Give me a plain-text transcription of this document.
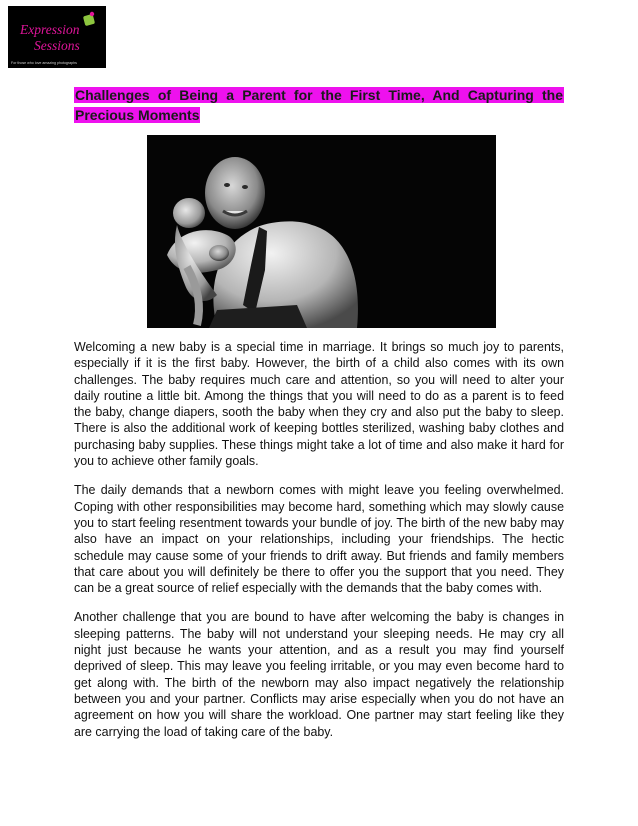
Expression
Sessions
For those who love amazing photographs
Challenges of Being a Parent for the First Time, And Capturing the Precious Moments

Welcoming a new baby is a special time in marriage. It brings so much joy to parents, especially if it is the first baby. However, the birth of a child also comes with its own challenges. The baby requires much care and attention, so you will need to alter your daily routine a little bit. Among the things that you will need to do as a parent is to feed the baby, change diapers, sooth the baby when they cry and also put the baby to sleep. There is also the additional work of keeping bottles sterilized, washing baby clothes and purchasing baby supplies. These things might take a lot of time and also make it hard for you to achieve other family goals.

The daily demands that a newborn comes with might leave you feeling overwhelmed. Coping with other responsibilities may become hard, something which may slowly cause you to start feeling resentment towards your bundle of joy. The birth of the new baby may also have an impact on your relationships, including your friendships. The hectic schedule may cause some of your friends to drift away. But friends and family members that care about you will definitely be there to offer you the support that you need. They can be a great source of relief especially with the demands that the baby comes with.

Another challenge that you are bound to have after welcoming the baby is changes in sleeping patterns. The baby will not understand your sleeping needs. He may cry all night just because he wants your attention, and as a result you may find yourself deprived of sleep. This may leave you feeling irritable, or you may even become hard to get along with. The birth of the newborn may also impact negatively the relationship between you and your partner. Conflicts may arise especially when you do not have an agreement on how you will share the workload. One partner may start feeling like they are carrying the load of taking care of the baby.
